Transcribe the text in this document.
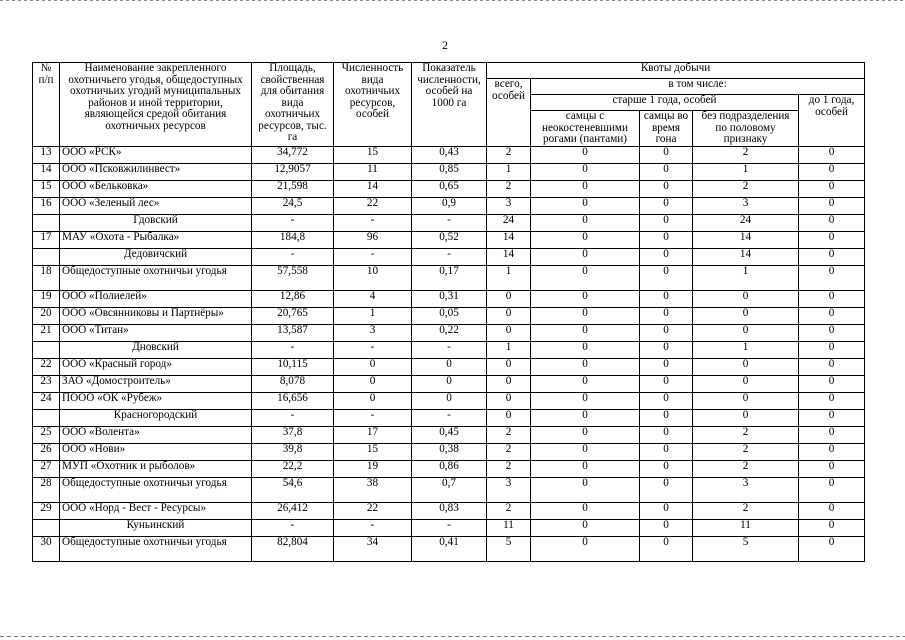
2
№ п/п	Наименование закрепленного охотничьего угодья, общедоступных охотничьих угодий муниципальных районов и иной территории, являющейся средой обитания охотничьих ресурсов	Площадь, свойственная для обитания вида охотничьих ресурсов, тыс. га	Численность вида охотничьих ресурсов, особей	Показатель численности, особей на 1000 га	Квоты добычи				
					всего, особей	в том числе:			
						старше 1 года, особей			до 1 года, особей
						самцы с неокостеневшими рогами (пантами)	самцы во время гона	без подразделения по половому признаку	
13	ООО «РСК»	34,772	15	0,43	2	0	0	2	0
14	ООО «Псковжилинвест»	12,9057	11	0,85	1	0	0	1	0
15	ООО «Бельковка»	21,598	14	0,65	2	0	0	2	0
16	ООО «Зеленый лес»	24,5	22	0,9	3	0	0	3	0
	Гдовский	-	-	-	24	0	0	24	0
17	МАУ «Охота - Рыбалка»	184,8	96	0,52	14	0	0	14	0
	Дедовичский	-	-	-	14	0	0	14	0
18	Общедоступные охотничьи угодья	57,558	10	0,17	1	0	0	1	0
19	ООО «Полиелей»	12,86	4	0,31	0	0	0	0	0
20	ООО «Овсянниковы и Партнёры»	20,765	1	0,05	0	0	0	0	0
21	ООО «Титан»	13,587	3	0,22	0	0	0	0	0
	Дновский	-	-	-	1	0	0	1	0
22	ООО «Красный город»	10,115	0	0	0	0	0	0	0
23	ЗАО «Домостроитель»	8,078	0	0	0	0	0	0	0
24	ПООО «ОК «Рубеж»	16,656	0	0	0	0	0	0	0
	Красногородский	-	-	-	0	0	0	0	0
25	ООО «Волента»	37,8	17	0,45	2	0	0	2	0
26	ООО «Нови»	39,8	15	0,38	2	0	0	2	0
27	МУП «Охотник и рыболов»	22,2	19	0,86	2	0	0	2	0
28	Общедоступные охотничьи угодья	54,6	38	0,7	3	0	0	3	0
29	ООО «Норд - Вест - Ресурсы»	26,412	22	0,83	2	0	0	2	0
	Куньинский	-	-	-	11	0	0	11	0
30	Общедоступные охотничьи угодья	82,804	34	0,41	5	0	0	5	0
